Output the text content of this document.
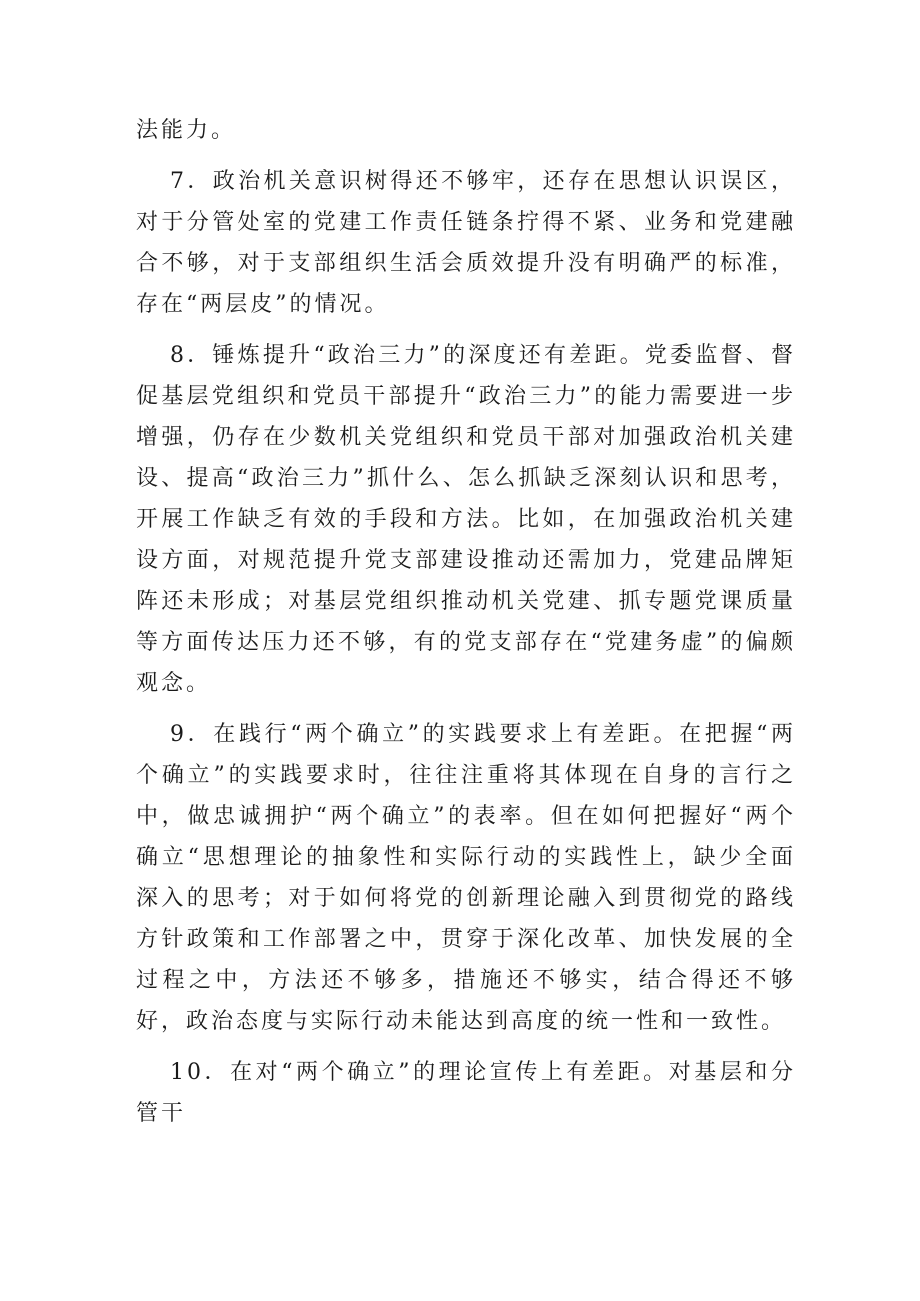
法能力。

7．政治机关意识树得还不够牢，还存在思想认识误区，对于分管处室的党建工作责任链条拧得不紧、业务和党建融合不够，对于支部组织生活会质效提升没有明确严的标准，存在“两层皮”的情况。

8．锤炼提升“政治三力”的深度还有差距。党委监督、督促基层党组织和党员干部提升“政治三力”的能力需要进一步增强，仍存在少数机关党组织和党员干部对加强政治机关建设、提高“政治三力”抓什么、怎么抓缺乏深刻认识和思考，开展工作缺乏有效的手段和方法。比如，在加强政治机关建设方面，对规范提升党支部建设推动还需加力，党建品牌矩阵还未形成；对基层党组织推动机关党建、抓专题党课质量等方面传达压力还不够，有的党支部存在“党建务虚”的偏颇观念。

9．在践行“两个确立”的实践要求上有差距。在把握“两个确立”的实践要求时，往往注重将其体现在自身的言行之中，做忠诚拥护“两个确立”的表率。但在如何把握好“两个确立“思想理论的抽象性和实际行动的实践性上，缺少全面深入的思考；对于如何将党的创新理论融入到贯彻党的路线方针政策和工作部署之中，贯穿于深化改革、加快发展的全过程之中，方法还不够多，措施还不够实，结合得还不够好，政治态度与实际行动未能达到高度的统一性和一致性。

10．在对“两个确立”的理论宣传上有差距。对基层和分管干
